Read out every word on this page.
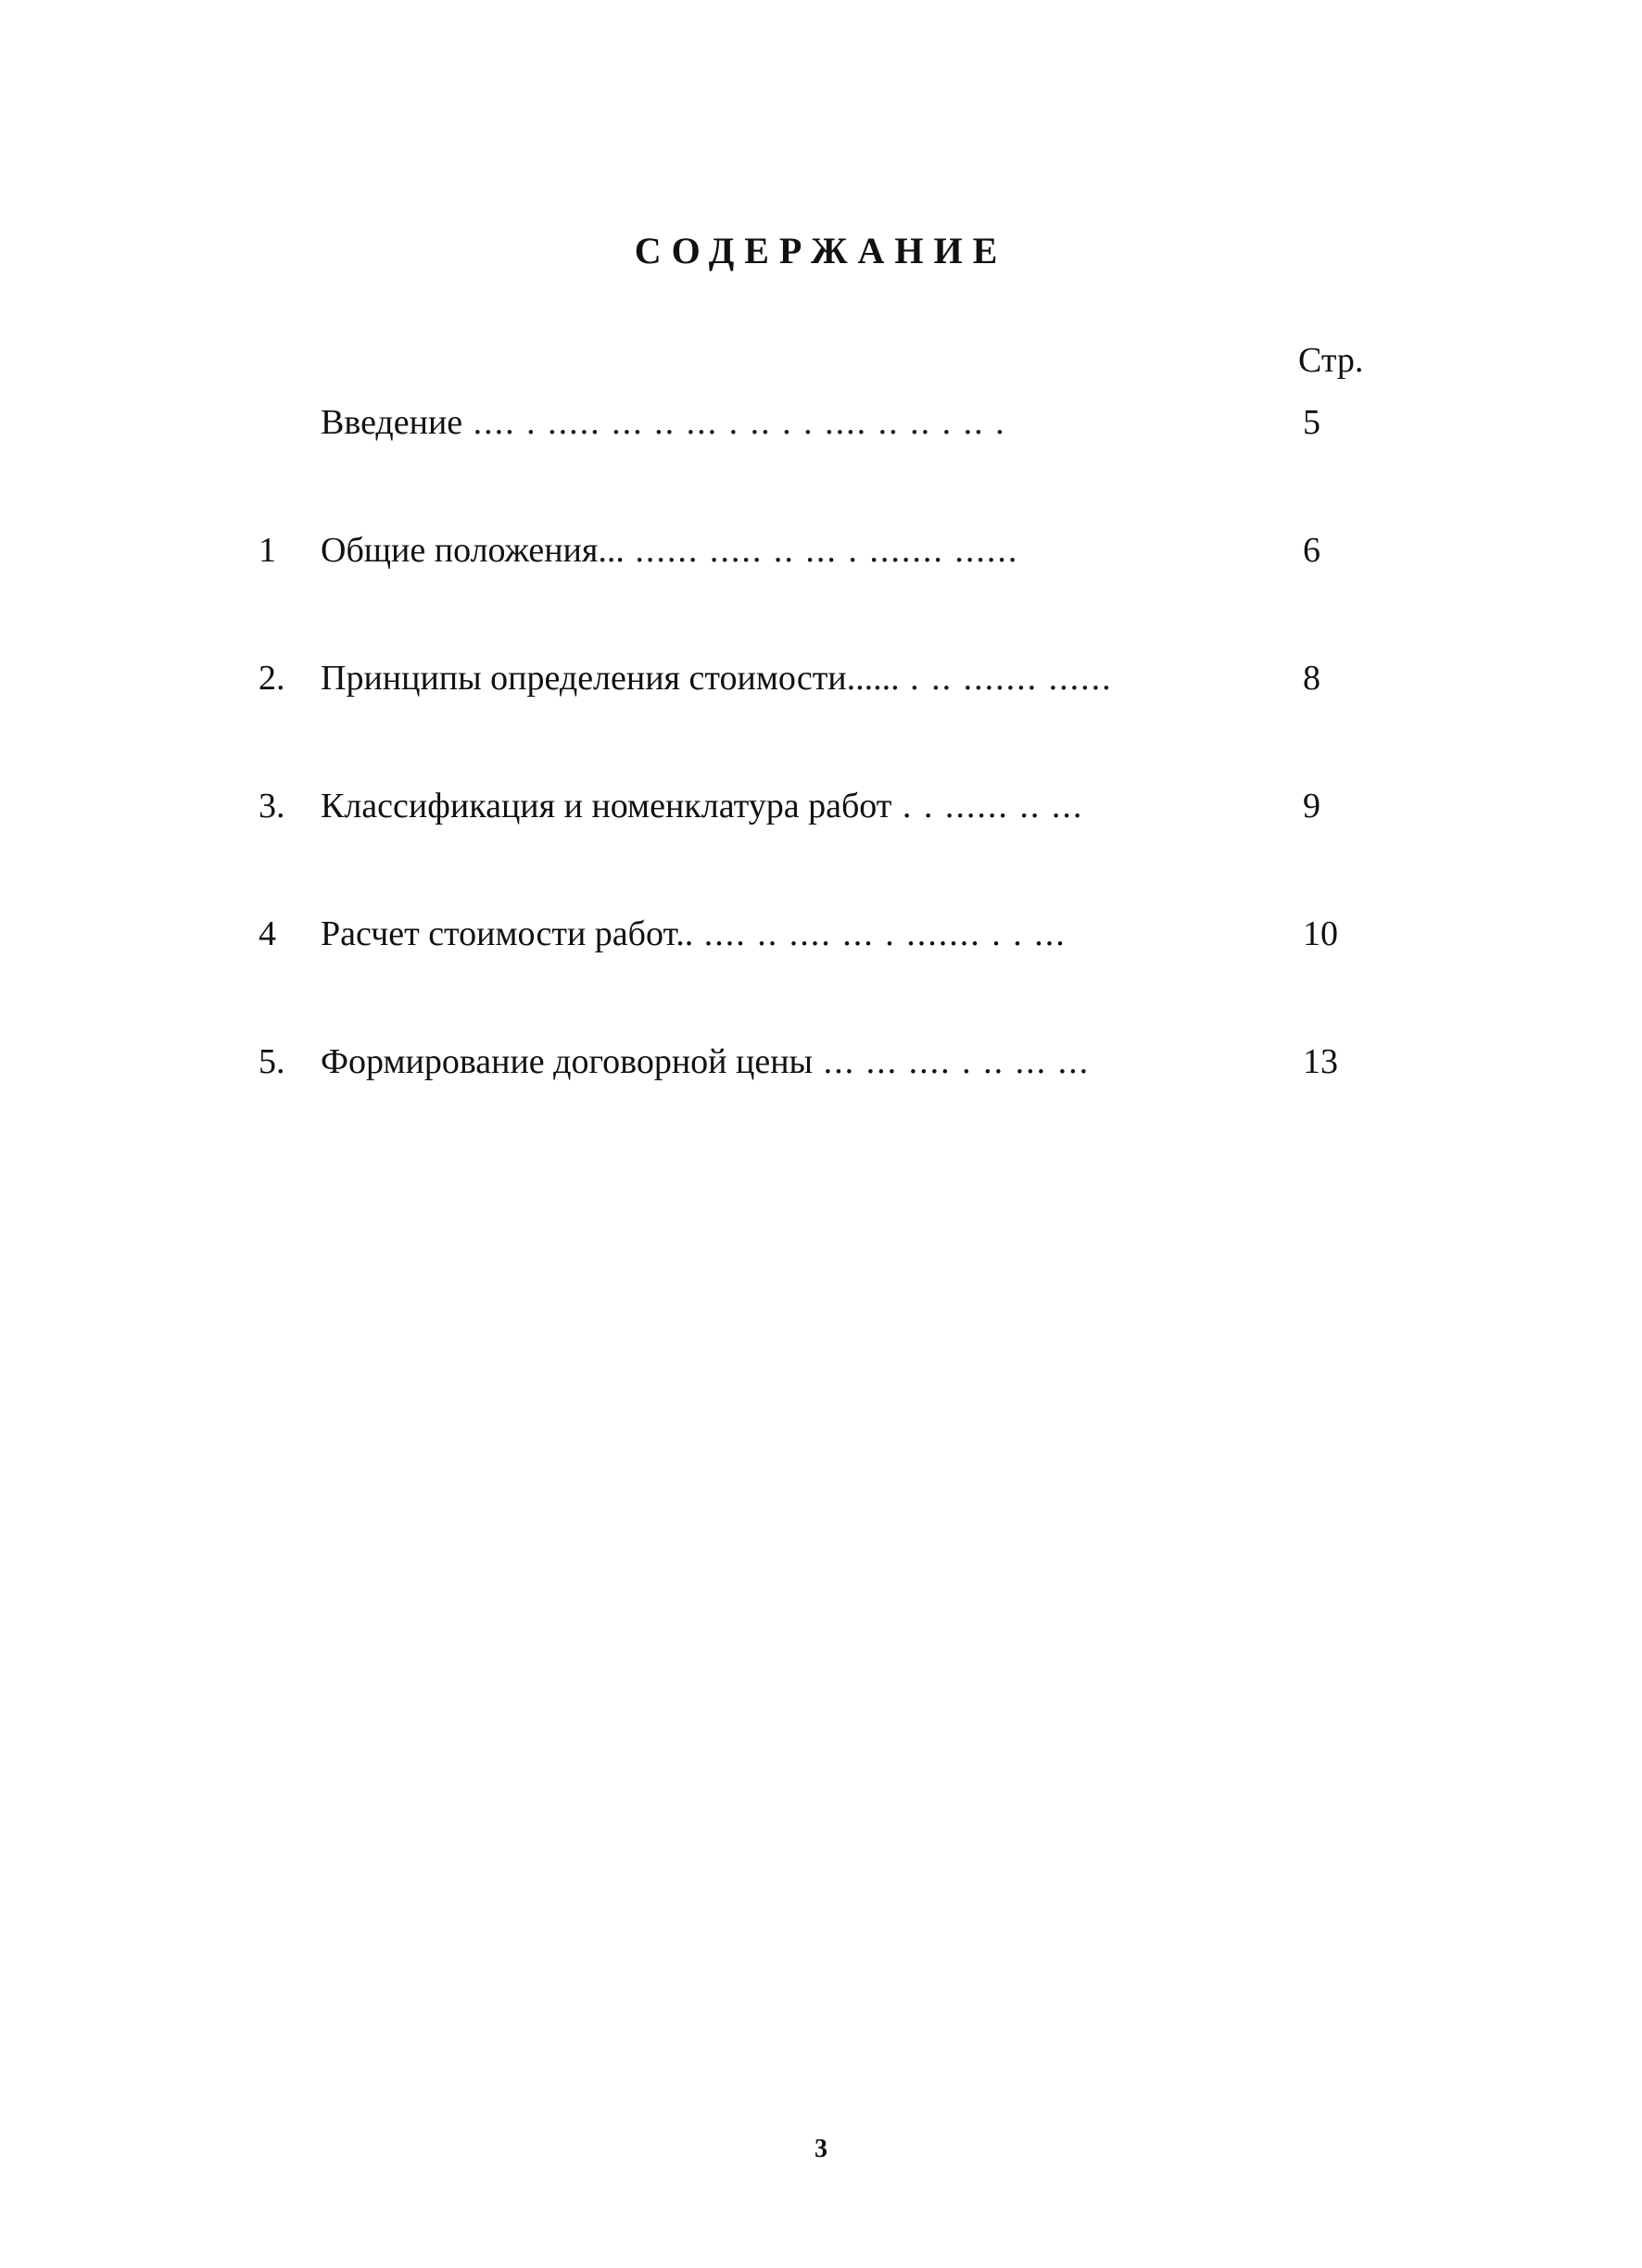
СОДЕРЖАНИЕ
Стр.
Введение .... . ..... ... .. ... . .. . . .... .. .. . .. .	5
1 Общие положения... ...... ..... .. ... . ....... ......	6
2. Принципы определения стоимости...... . .. ....... ......	8
3. Классификация и номенклатура работ . . ...... .. ...	9
4 Расчет стоимости работ.. .... .. .... ... . ....... . . ...	10
5. Формирование договорной цены ... ... .... . .. ... ...	13
3
